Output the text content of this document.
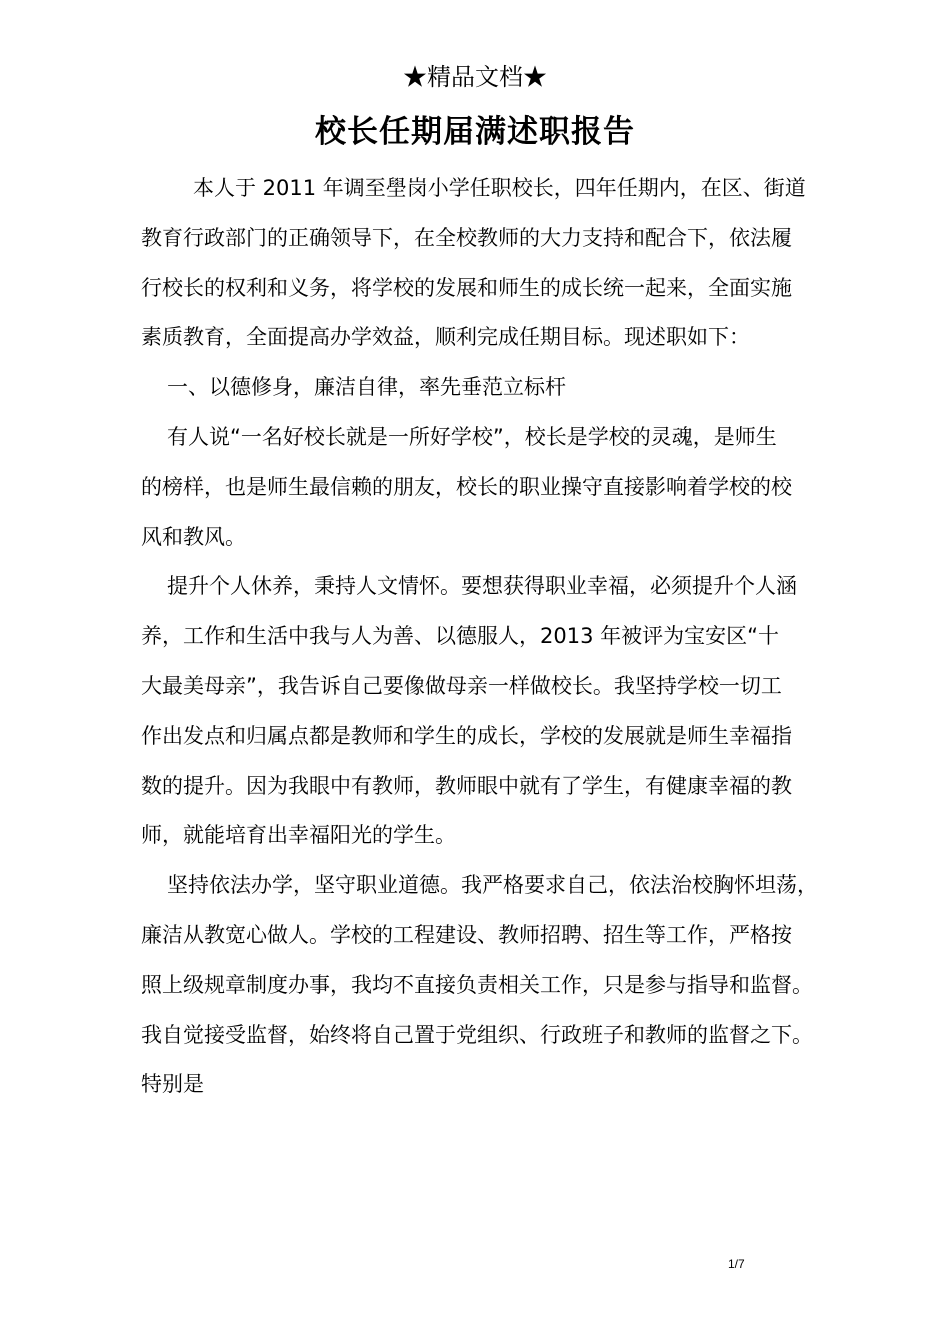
★精品文档★
校长任期届满述职报告
本人于 2011 年调至壆岗小学任职校长，四年任期内，在区、街道
教育行政部门的正确领导下，在全校教师的大力支持和配合下，依法履
行校长的权利和义务，将学校的发展和师生的成长统一起来，全面实施
素质教育，全面提高办学效益，顺利完成任期目标。现述职如下：
一、以德修身，廉洁自律，率先垂范立标杆
有人说“一名好校长就是一所好学校”，校长是学校的灵魂，是师生
的榜样，也是师生最信赖的朋友，校长的职业操守直接影响着学校的校
风和教风。
提升个人休养，秉持人文情怀。要想获得职业幸福，必须提升个人涵
养，工作和生活中我与人为善、以德服人，2013 年被评为宝安区“十
大最美母亲”，我告诉自己要像做母亲一样做校长。我坚持学校一切工
作出发点和归属点都是教师和学生的成长，学校的发展就是师生幸福指
数的提升。因为我眼中有教师，教师眼中就有了学生，有健康幸福的教
师，就能培育出幸福阳光的学生。
坚持依法办学，坚守职业道德。我严格要求自己，依法治校胸怀坦荡，
廉洁从教宽心做人。学校的工程建设、教师招聘、招生等工作，严格按
照上级规章制度办事，我均不直接负责相关工作，只是参与指导和监督。
我自觉接受监督，始终将自己置于党组织、行政班子和教师的监督之下。
特别是
1/7
